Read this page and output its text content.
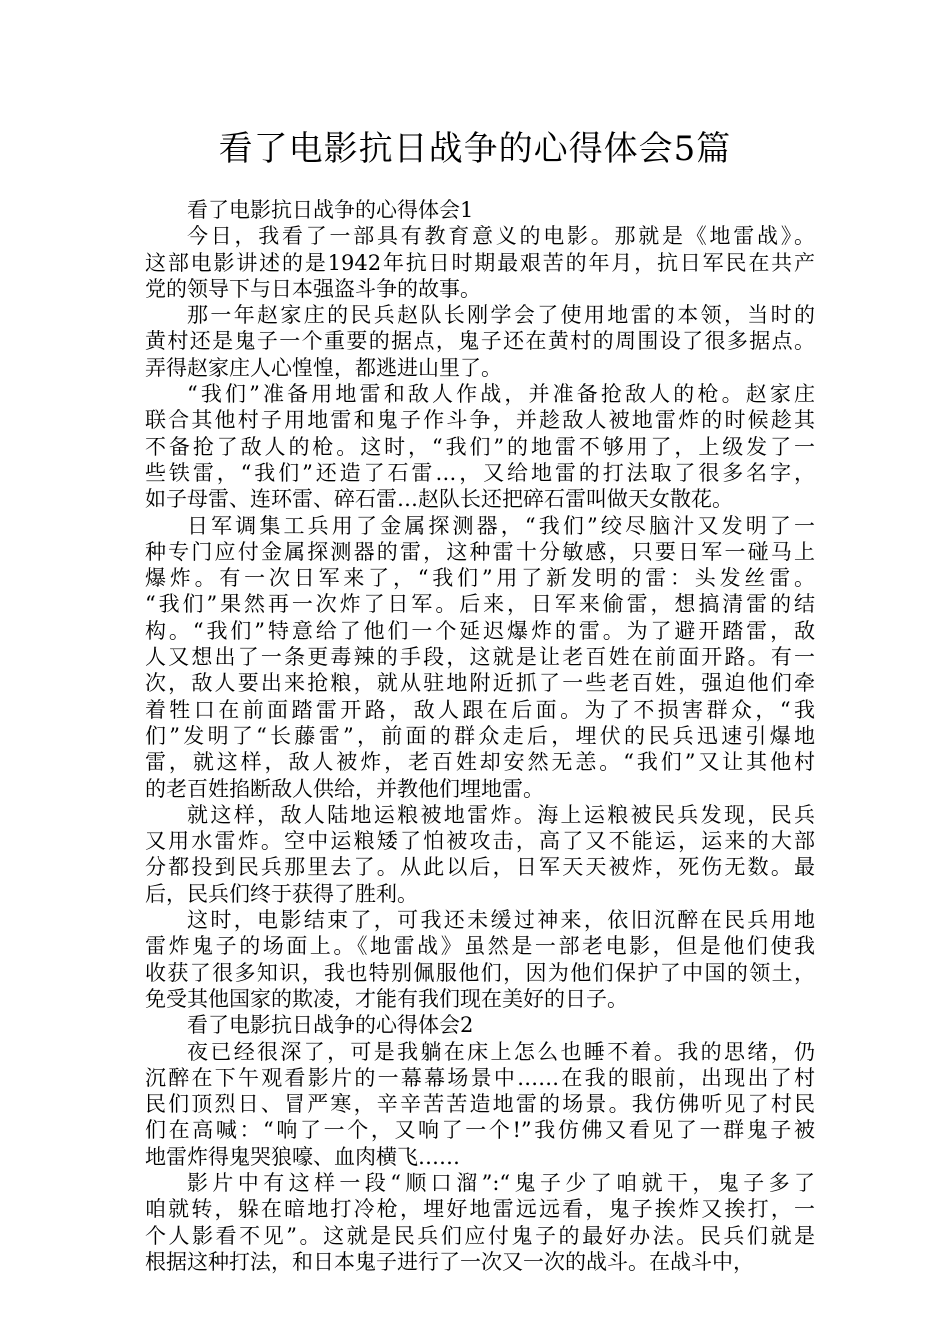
看了电影抗日战争的心得体会5篇
看了电影抗日战争的心得体会1
今日，我看了一部具有教育意义的电影。那就是《地雷战》。
这部电影讲述的是1942年抗日时期最艰苦的年月，抗日军民在共产
党的领导下与日本强盗斗争的故事。
那一年赵家庄的民兵赵队长刚学会了使用地雷的本领，当时的
黄村还是鬼子一个重要的据点，鬼子还在黄村的周围设了很多据点。
弄得赵家庄人心惶惶，都逃进山里了。
“我们”准备用地雷和敌人作战，并准备抢敌人的枪。赵家庄
联合其他村子用地雷和鬼子作斗争，并趁敌人被地雷炸的时候趁其
不备抢了敌人的枪。这时，“我们”的地雷不够用了，上级发了一
些铁雷，“我们”还造了石雷…，又给地雷的打法取了很多名字，
如子母雷、连环雷、碎石雷…赵队长还把碎石雷叫做天女散花。
日军调集工兵用了金属探测器，“我们”绞尽脑汁又发明了一
种专门应付金属探测器的雷，这种雷十分敏感，只要日军一碰马上
爆炸。有一次日军来了，“我们”用了新发明的雷：头发丝雷。
“我们”果然再一次炸了日军。后来，日军来偷雷，想搞清雷的结
构。“我们”特意给了他们一个延迟爆炸的雷。为了避开踏雷，敌
人又想出了一条更毒辣的手段，这就是让老百姓在前面开路。有一
次，敌人要出来抢粮，就从驻地附近抓了一些老百姓，强迫他们牵
着牲口在前面踏雷开路，敌人跟在后面。为了不损害群众，“我
们”发明了“长藤雷”，前面的群众走后，埋伏的民兵迅速引爆地
雷，就这样，敌人被炸，老百姓却安然无恙。“我们”又让其他村
的老百姓掐断敌人供给，并教他们埋地雷。
就这样，敌人陆地运粮被地雷炸。海上运粮被民兵发现，民兵
又用水雷炸。空中运粮矮了怕被攻击，高了又不能运，运来的大部
分都投到民兵那里去了。从此以后，日军天天被炸，死伤无数。最
后，民兵们终于获得了胜利。
这时，电影结束了，可我还未缓过神来，依旧沉醉在民兵用地
雷炸鬼子的场面上。《地雷战》虽然是一部老电影，但是他们使我
收获了很多知识，我也特别佩服他们，因为他们保护了中国的领土，
免受其他国家的欺凌，才能有我们现在美好的日子。
看了电影抗日战争的心得体会2
夜已经很深了，可是我躺在床上怎么也睡不着。我的思绪，仍
沉醉在下午观看影片的一幕幕场景中……在我的眼前，出现出了村
民们顶烈日、冒严寒，辛辛苦苦造地雷的场景。我仿佛听见了村民
们在高喊：“响了一个，又响了一个!”我仿佛又看见了一群鬼子被
地雷炸得鬼哭狼嚎、血肉横飞……
影片中有这样一段“顺口溜”:“鬼子少了咱就干，鬼子多了
咱就转，躲在暗地打冷枪，埋好地雷远远看，鬼子挨炸又挨打，一
个人影看不见”。这就是民兵们应付鬼子的最好办法。民兵们就是
根据这种打法，和日本鬼子进行了一次又一次的战斗。在战斗中，
